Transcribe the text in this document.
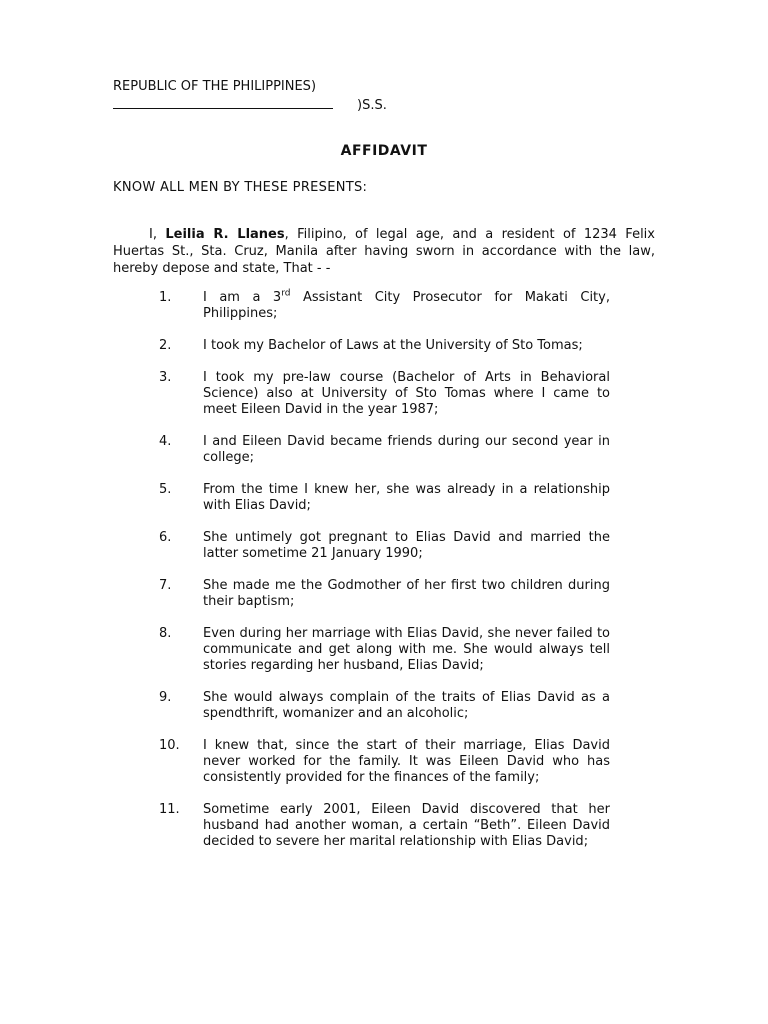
REPUBLIC OF THE PHILIPPINES)
)S.S.
AFFIDAVIT
KNOW ALL MEN BY THESE PRESENTS:
I, Leilia R. Llanes, Filipino, of legal age, and a resident of 1234 Felix Huertas St., Sta. Cruz, Manila after having sworn in accordance with the law, hereby depose and state, That - -
1.	I am a 3rd Assistant City Prosecutor for Makati City, Philippines;
2.	I took my Bachelor of Laws at the University of Sto Tomas;
3.	I took my pre-law course (Bachelor of Arts in Behavioral Science) also at University of Sto Tomas where I came to meet Eileen David in the year 1987;
4.	I and Eileen David became friends during our second year in college;
5.	From the time I knew her, she was already in a relationship with Elias David;
6.	She untimely got pregnant to Elias David and married the latter sometime 21 January 1990;
7.	She made me the Godmother of her first two children during their baptism;
8.	Even during her marriage with Elias David, she never failed to communicate and get along with me. She would always tell stories regarding her husband, Elias David;
9.	She would always complain of the traits of Elias David as a spendthrift, womanizer and an alcoholic;
10.	I knew that, since the start of their marriage, Elias David never worked for the family. It was Eileen David who has consistently provided for the finances of the family;
11.	Sometime early 2001, Eileen David discovered that her husband had another woman, a certain “Beth”. Eileen David decided to severe her marital relationship with Elias David;
